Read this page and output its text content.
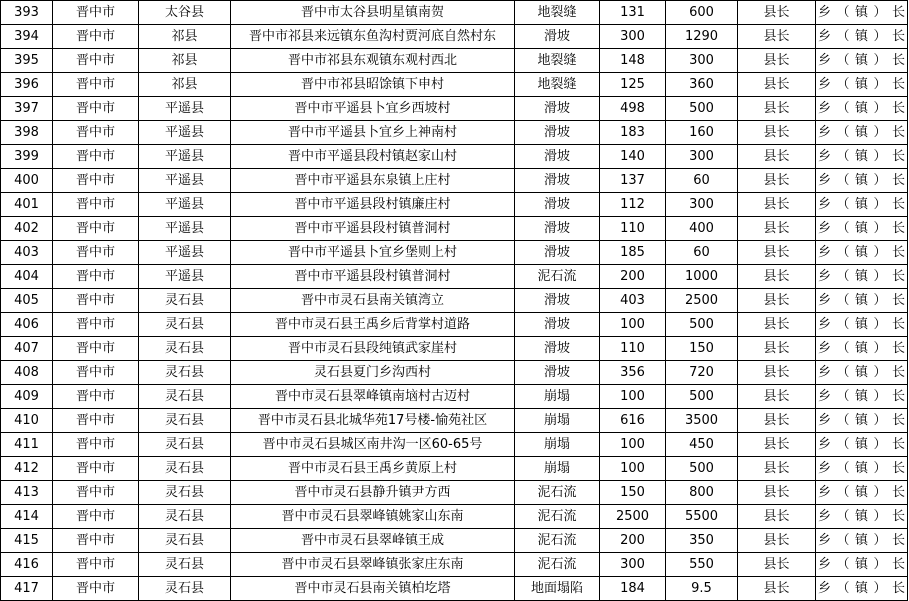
393	晋中市	太谷县	晋中市太谷县明星镇南贺	地裂缝	131	600	县长	乡（镇）长
394	晋中市	祁县	晋中市祁县来远镇东鱼沟村贾河底自然村东	滑坡	300	1290	县长	乡（镇）长
395	晋中市	祁县	晋中市祁县东观镇东观村西北	地裂缝	148	300	县长	乡（镇）长
396	晋中市	祁县	晋中市祁县昭馀镇下申村	地裂缝	125	360	县长	乡（镇）长
397	晋中市	平遥县	晋中市平遥县卜宜乡西坡村	滑坡	498	500	县长	乡（镇）长
398	晋中市	平遥县	晋中市平遥县卜宜乡上神南村	滑坡	183	160	县长	乡（镇）长
399	晋中市	平遥县	晋中市平遥县段村镇赵家山村	滑坡	140	300	县长	乡（镇）长
400	晋中市	平遥县	晋中市平遥县东泉镇上庄村	滑坡	137	60	县长	乡（镇）长
401	晋中市	平遥县	晋中市平遥县段村镇廉庄村	滑坡	112	300	县长	乡（镇）长
402	晋中市	平遥县	晋中市平遥县段村镇普洞村	滑坡	110	400	县长	乡（镇）长
403	晋中市	平遥县	晋中市平遥县卜宜乡堡则上村	滑坡	185	60	县长	乡（镇）长
404	晋中市	平遥县	晋中市平遥县段村镇普洞村	泥石流	200	1000	县长	乡（镇）长
405	晋中市	灵石县	晋中市灵石县南关镇湾立	滑坡	403	2500	县长	乡（镇）长
406	晋中市	灵石县	晋中市灵石县王禹乡后背掌村道路	滑坡	100	500	县长	乡（镇）长
407	晋中市	灵石县	晋中市灵石县段纯镇武家崖村	滑坡	110	150	县长	乡（镇）长
408	晋中市	灵石县	灵石县夏门乡沟西村	滑坡	356	720	县长	乡（镇）长
409	晋中市	灵石县	晋中市灵石县翠峰镇南垴村古迈村	崩塌	100	500	县长	乡（镇）长
410	晋中市	灵石县	晋中市灵石县北城华苑17号楼-愉苑社区	崩塌	616	3500	县长	乡（镇）长
411	晋中市	灵石县	晋中市灵石县城区南井沟一区60-65号	崩塌	100	450	县长	乡（镇）长
412	晋中市	灵石县	晋中市灵石县王禹乡黄原上村	崩塌	100	500	县长	乡（镇）长
413	晋中市	灵石县	晋中市灵石县静升镇尹方西	泥石流	150	800	县长	乡（镇）长
414	晋中市	灵石县	晋中市灵石县翠峰镇姚家山东南	泥石流	2500	5500	县长	乡（镇）长
415	晋中市	灵石县	晋中市灵石县翠峰镇王成	泥石流	200	350	县长	乡（镇）长
416	晋中市	灵石县	晋中市灵石县翠峰镇张家庄东南	泥石流	300	550	县长	乡（镇）长
417	晋中市	灵石县	晋中市灵石县南关镇柏圪塔	地面塌陷	184	9.5	县长	乡（镇）长
